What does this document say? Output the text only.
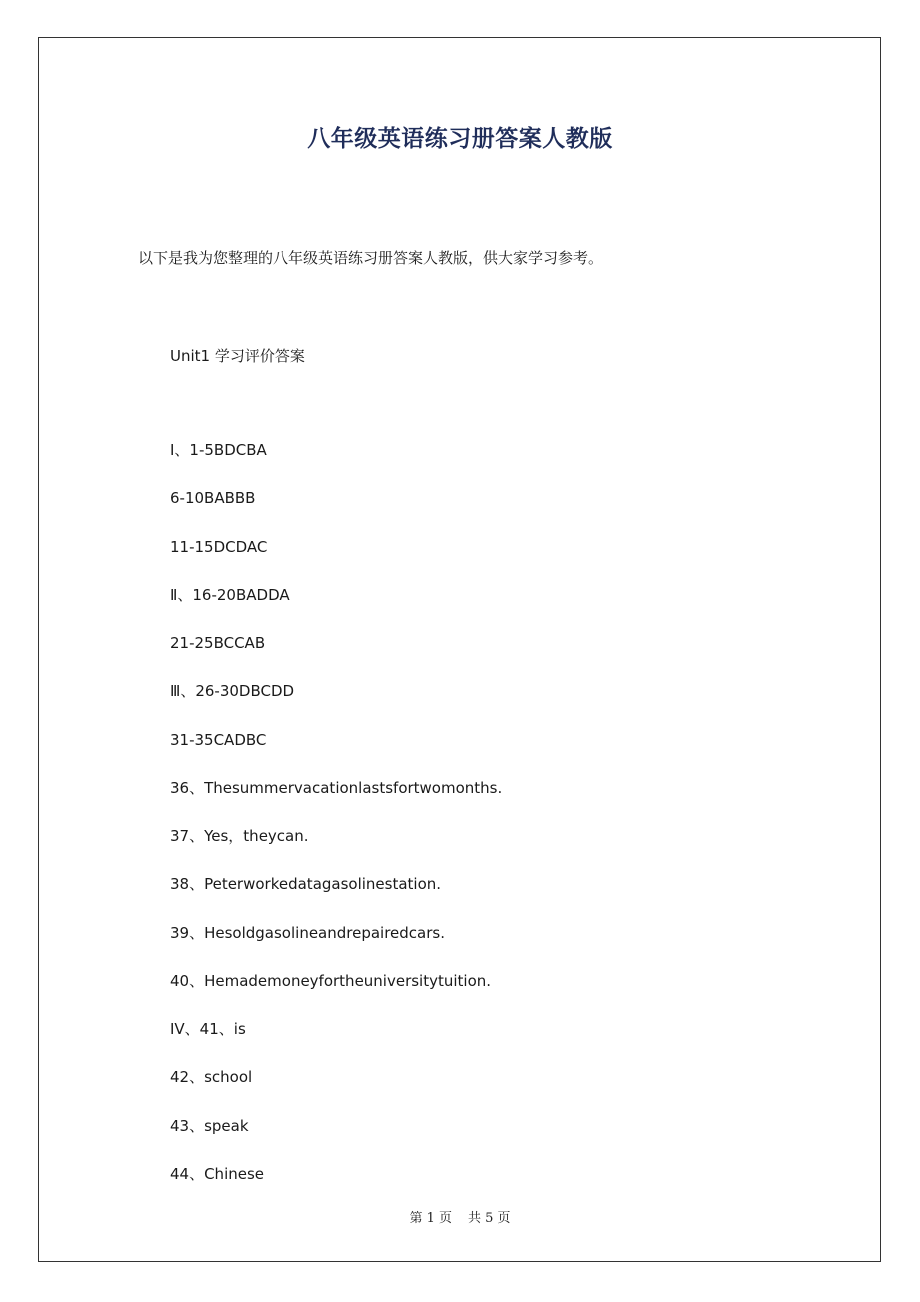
八年级英语练习册答案人教版

以下是我为您整理的八年级英语练习册答案人教版，供大家学习参考。

Unit1 学习评价答案

Ⅰ、1-5BDCBA
6-10BABBB
11-15DCDAC
Ⅱ、16-20BADDA
21-25BCCAB
Ⅲ、26-30DBCDD
31-35CADBC
36、Thesummervacationlastsfortwomonths.
37、Yes，theycan.
38、Peterworkedatagasolinestation.
39、Hesoldgasolineandrepairedcars.
40、Hemademoneyfortheuniversitytuition.
IV、41、is
42、school
43、speak
44、Chinese

第 1 页 共 5 页
